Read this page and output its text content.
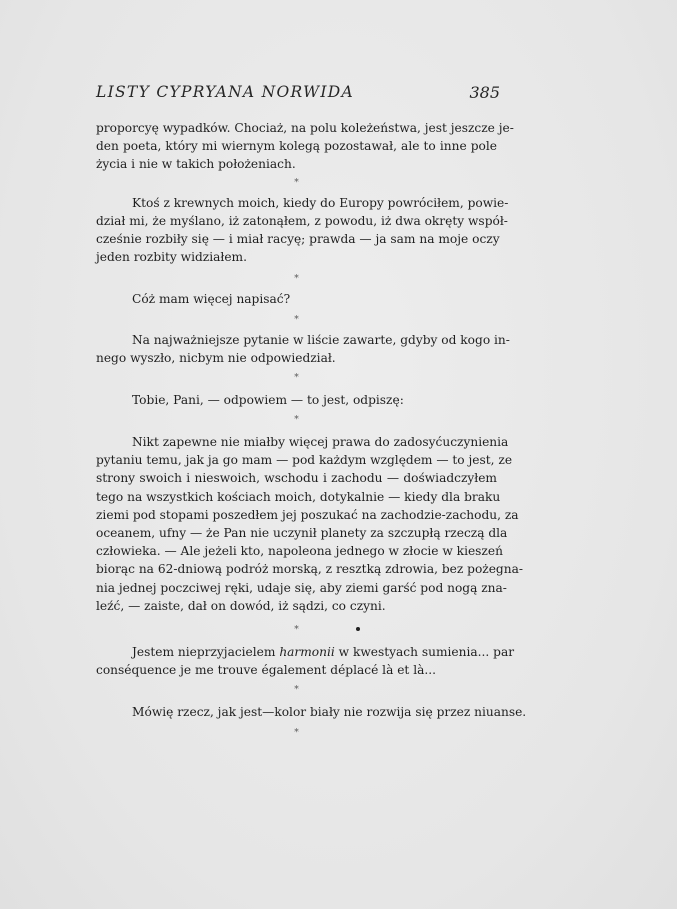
LISTY CYPRYANA NORWIDA	385
proporcyę wypadków. Chociaż, na polu koleżeństwa, jest jeszcze je-
den poeta, który mi wiernym kolegą pozostawał, ale to inne pole
życia i nie w takich położeniach.
*
Ktoś z krewnych moich, kiedy do Europy powróciłem, powie-
dział mi, że myślano, iż zatonąłem, z powodu, iż dwa okręty współ-
cześnie rozbiły się — i miał racyę; prawda — ja sam na moje oczy
jeden rozbity widziałem.
*
Cóż mam więcej napisać?
*
Na najważniejsze pytanie w liście zawarte, gdyby od kogo in-
nego wyszło, nicbym nie odpowiedział.
*
Tobie, Pani, — odpowiem — to jest, odpiszę:
*
Nikt zapewne nie miałby więcej prawa do zadosyćuczynienia
pytaniu temu, jak ja go mam — pod każdym względem — to jest, ze
strony swoich i nieswoich, wschodu i zachodu — doświadczyłem
tego na wszystkich kościach moich, dotykalnie — kiedy dla braku
ziemi pod stopami poszedłem jej poszukać na zachodzie-zachodu, za
oceanem, ufny — że Pan nie uczynił planety za szczupłą rzeczą dla
człowieka. — Ale jeżeli kto, napoleona jednego w złocie w kieszeń
biorąc na 62-dniową podróż morską, z resztką zdrowia, bez pożegna-
nia jednej poczciwej ręki, udaje się, aby ziemi garść pod nogą zna-
leźć, — zaiste, dał on dowód, iż sądzi, co czyni.
*
Jestem nieprzyjacielem harmonii w kwestyach sumienia... par
conséquence je me trouve également déplacé là et là...
*
Mówię rzecz, jak jest—kolor biały nie rozwija się przez niuanse.
*
